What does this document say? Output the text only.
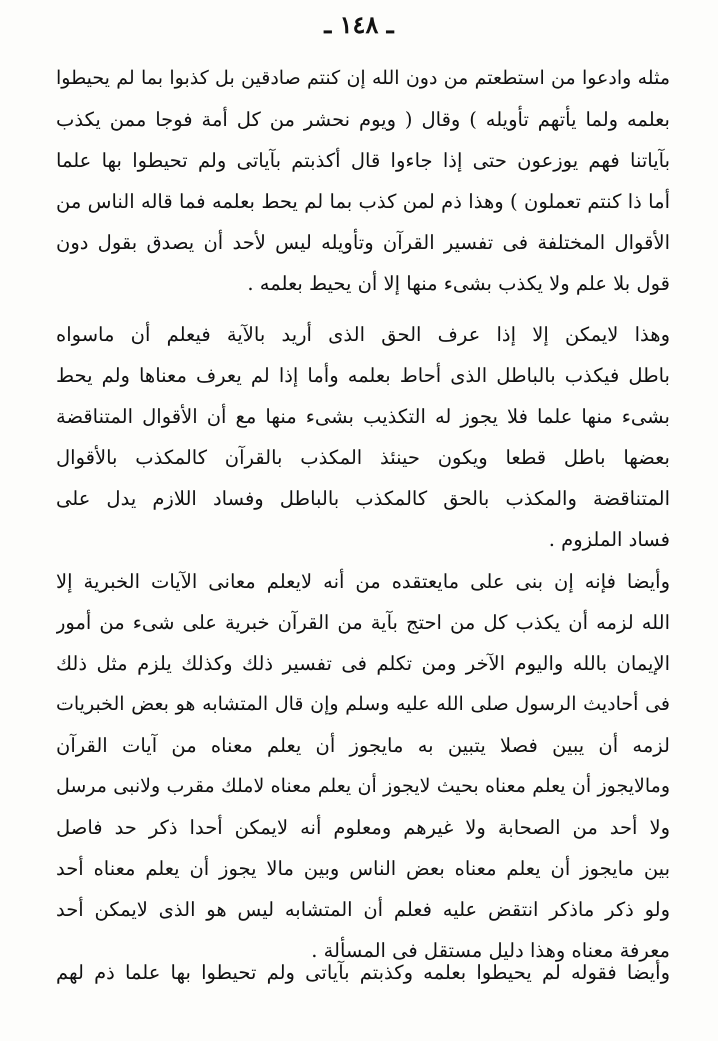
ـ ١٤٨ ـ
مثله وادعوا من استطعتم من دون الله إن كنتم صادقين بل كذبوا بما لم يحيطوا
بعلمه ولما يأتهم تأويله ) وقال ( ويوم نحشر من كل أمة فوجا ممن يكذب
بآياتنا فهم يوزعون حتى إذا جاءوا قال أكذبتم بآياتى ولم تحيطوا بها علما
أما ذا كنتم تعملون ) وهذا ذم لمن كذب بما لم يحط بعلمه فما قاله الناس من
الأقوال المختلفة فى تفسير القرآن وتأويله ليس لأحد أن يصدق بقول دون
قول بلا علم ولا يكذب بشىء منها إلا أن يحيط بعلمه .
وهذا لايمكن إلا إذا عرف الحق الذى أريد بالآية فيعلم أن ماسواه
باطل فيكذب بالباطل الذى أحاط بعلمه وأما إذا لم يعرف معناها ولم يحط
بشىء منها علما فلا يجوز له التكذيب بشىء منها مع أن الأقوال المتناقضة
بعضها باطل قطعا ويكون حينئذ المكذب بالقرآن كالمكذب بالأقوال
المتناقضة والمكذب بالحق كالمكذب بالباطل وفساد اللازم يدل على
فساد الملزوم .
وأيضا فإنه إن بنى على مايعتقده من أنه لايعلم معانى الآيات الخبرية إلا
الله لزمه أن يكذب كل من احتج بآية من القرآن خبرية على شىء من أمور
الإيمان بالله واليوم الآخر ومن تكلم فى تفسير ذلك وكذلك يلزم مثل ذلك
فى أحاديث الرسول صلى الله عليه وسلم وإن قال المتشابه هو بعض الخبريات
لزمه أن يبين فصلا يتبين به مايجوز أن يعلم معناه من آيات القرآن
ومالايجوز أن يعلم معناه بحيث لايجوز أن يعلم معناه لاملك مقرب ولانبى مرسل
ولا أحد من الصحابة ولا غيرهم ومعلوم أنه لايمكن أحدا ذكر حد فاصل
بين مايجوز أن يعلم معناه بعض الناس وبين مالا يجوز أن يعلم معناه أحد
ولو ذكر ماذكر انتقض عليه فعلم أن المتشابه ليس هو الذى لايمكن أحد
معرفة معناه وهذا دليل مستقل فى المسألة .
وأيضا فقوله لم يحيطوا بعلمه وكذبتم بآياتى ولم تحيطوا بها علما ذم لهم
